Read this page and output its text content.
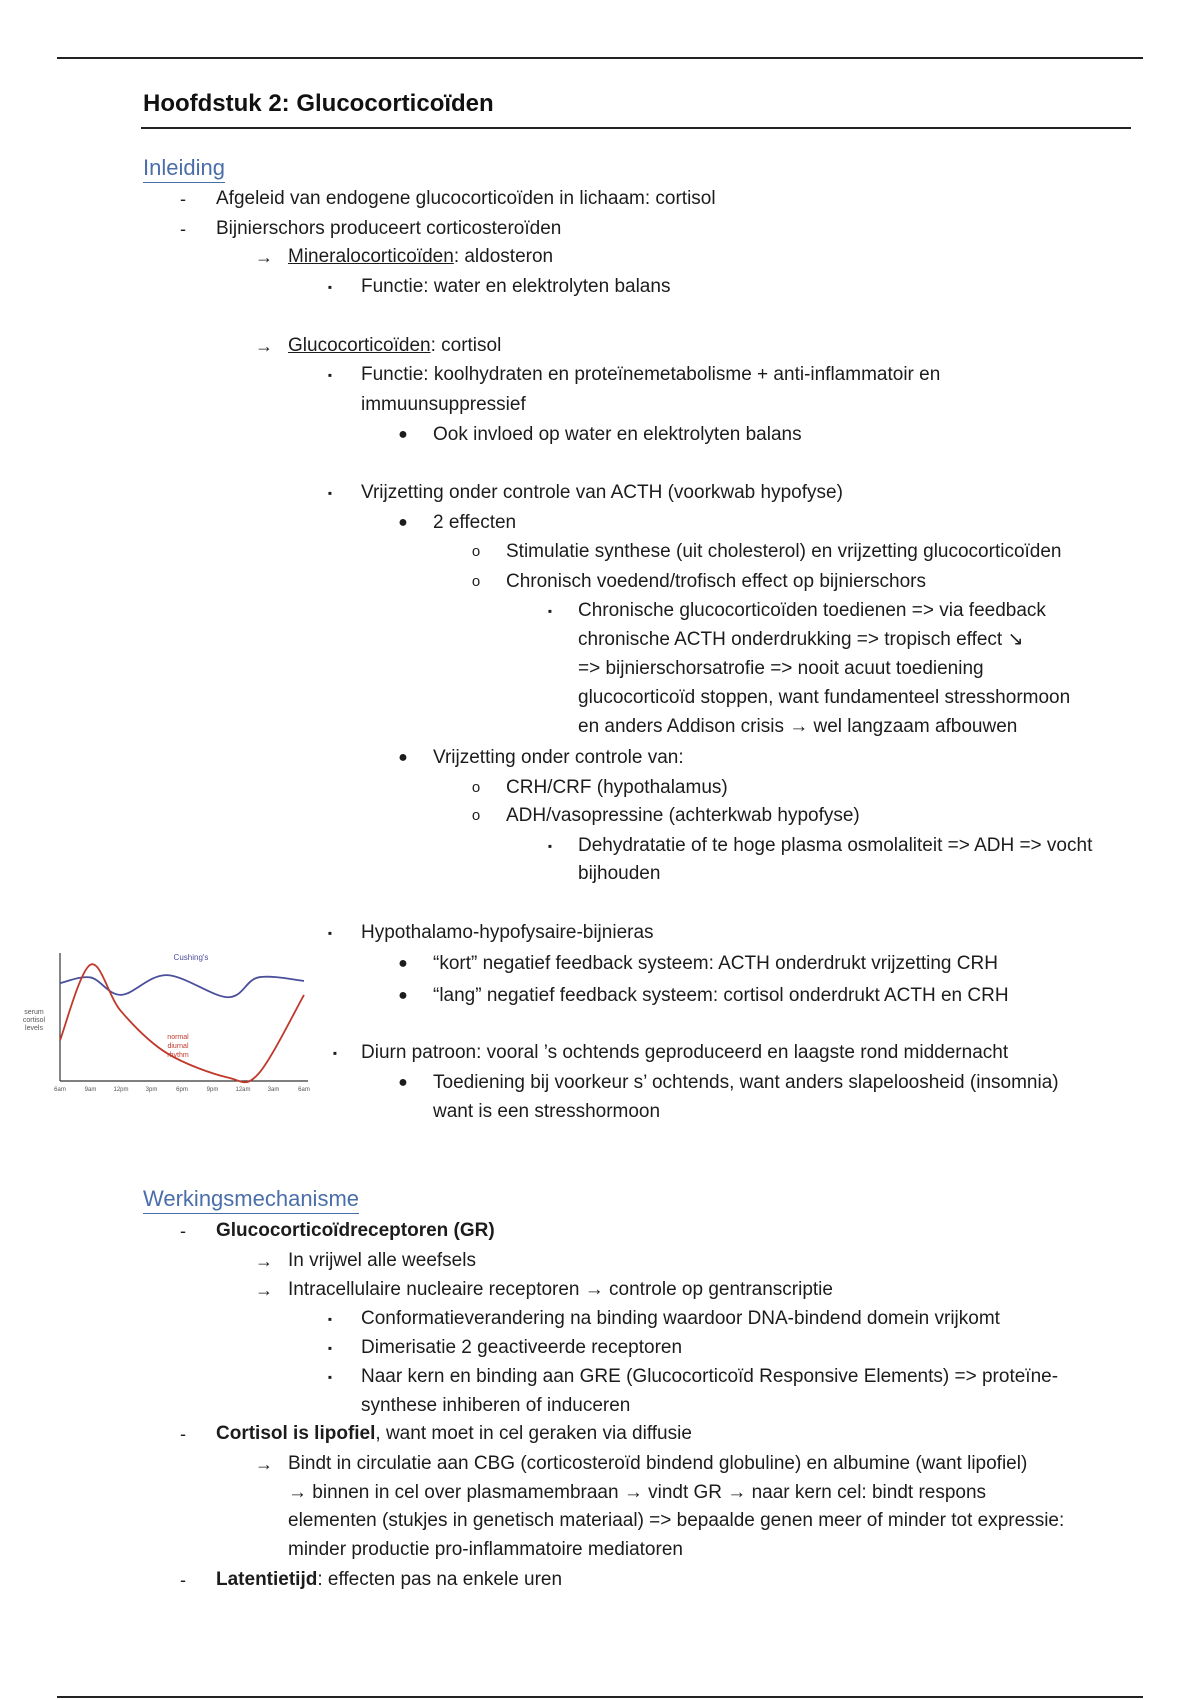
Hoofdstuk 2: Glucocorticoïden
Inleiding
-	Afgeleid van endogene glucocorticoïden in lichaam: cortisol
-	Bijnierschors produceert corticosteroïden
→ Mineralocorticoïden: aldosteron
▪	Functie: water en elektrolyten balans
→ Glucocorticoïden: cortisol
▪	Functie: koolhydraten en proteïnemetabolisme + anti-inflammatoir en
immuunsuppressief
● Ook invloed op water en elektrolyten balans
▪	Vrijzetting onder controle van ACTH (voorkwab hypofyse)
● 2 effecten
o	Stimulatie synthese (uit cholesterol) en vrijzetting glucocorticoïden
o	Chronisch voedend/trofisch effect op bijnierschors
▪	Chronische glucocorticoïden toedienen => via feedback
chronische ACTH onderdrukking => tropisch effect ↘
=> bijnierschorsatrofie => nooit acuut toediening
glucocorticoïd stoppen, want fundamenteel stresshormoon
en anders Addison crisis → wel langzaam afbouwen
● Vrijzetting onder controle van:
o	CRH/CRF (hypothalamus)
o	ADH/vasopressine (achterkwab hypofyse)
▪	Dehydratatie of te hoge plasma osmolaliteit => ADH => vocht
bijhouden
▪	Hypothalamo-hypofysaire-bijnieras
● “kort” negatief feedback systeem: ACTH onderdrukt vrijzetting CRH
● “lang” negatief feedback systeem: cortisol onderdrukt ACTH en CRH
▪	Diurn patroon: vooral ’s ochtends geproduceerd en laagste rond middernacht
● Toediening bij voorkeur s’ ochtends, want anders slapeloosheid (insomnia)
want is een stresshormoon
6am	9am	12pm	3pm	6pm	9pm	12am	3am	6am
serum
cortisol
levels
Cushing's
normal
diurnal
rhythm
Werkingsmechanisme
-	Glucocorticoïdreceptoren (GR)
→ In vrijwel alle weefsels
→ Intracellulaire nucleaire receptoren → controle op gentranscriptie
▪	Conformatieverandering na binding waardoor DNA-bindend domein vrijkomt
▪	Dimerisatie 2 geactiveerde receptoren
▪	Naar kern en binding aan GRE (Glucocorticoïd Responsive Elements) => proteïne-
synthese inhiberen of induceren
-	Cortisol is lipofiel, want moet in cel geraken via diffusie
→ Bindt in circulatie aan CBG (corticosteroïd bindend globuline) en albumine (want lipofiel)
→ binnen in cel over plasmamembraan → vindt GR → naar kern cel: bindt respons
elementen (stukjes in genetisch materiaal) => bepaalde genen meer of minder tot expressie:
minder productie pro-inflammatoire mediatoren
-	Latentietijd: effecten pas na enkele uren
